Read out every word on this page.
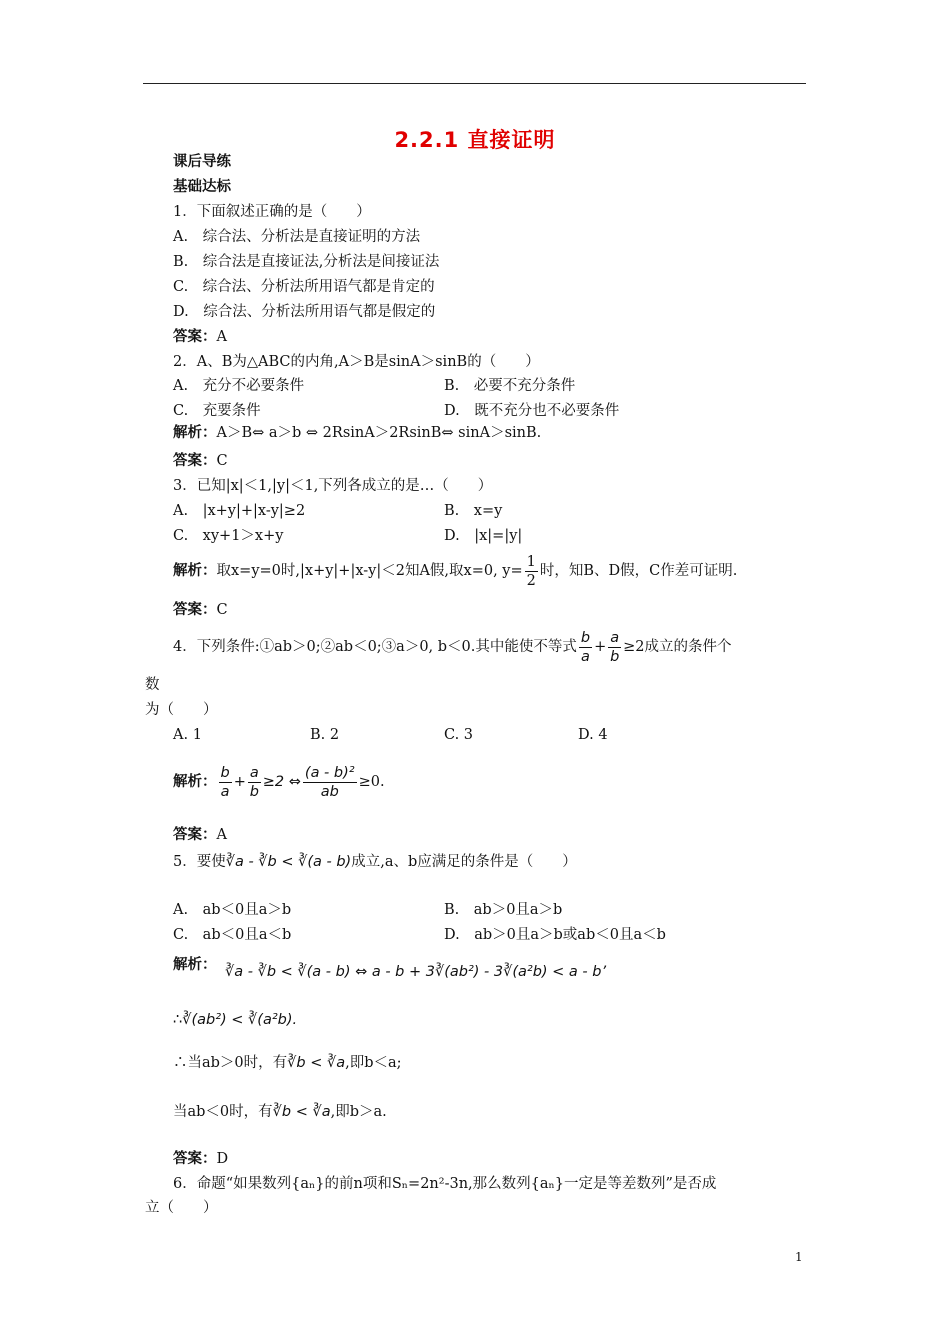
2.2.1 直接证明
课后导练
基础达标
1．下面叙述正确的是（　　）
A.　综合法、分析法是直接证明的方法
B.　综合法是直接证法,分析法是间接证法
C.　综合法、分析法所用语气都是肯定的
D.　综合法、分析法所用语气都是假定的
答案：A
2．A、B为△ABC的内角,A＞B是sinA＞sinB的（　　）
A.　充分不必要条件	B.　必要不充分条件
C.　充要条件	D.　既不充分也不必要条件
解析：A＞B⇔ a＞b ⇔ 2RsinA＞2RsinB⇔ sinA＞sinB.
答案：C
3．已知|x|＜1,|y|＜1,下列各成立的是…（　　）
A.　|x+y|+|x-y|≥2	B.　x=y
C.　xy+1＞x+y	D.　|x|=|y|
解析：取x=y=0时,|x+y|+|x-y|＜2知A假,取x=0, $y= \frac{1}{2}$ 时，知B、D假，C作差可证明.
答案：C
4．下列条件:①ab＞0;②ab＜0;③a＞0, b＜0.其中能使不等式 $\frac{b}{a} + \frac{a}{b} \ge 2$成立的条件个
数
为（　　）
A. 1	B. 2	C. 3	D. 4
解析： $\frac{b}{a} + \frac{a}{b} \ge 2$ ⇔ $\frac{\text{(a - b)²}}{ab} \ge 0$.
答案：A
5．要使∛a - ∛b < ∛(a - b)成立,a、b应满足的条件是（　　）
A.　ab＜0且a＞b	B.　ab＞0且a＞b
C.　ab＜0且a＜b	D.　ab＞0且a＞b或ab＜0且a＜b
解析： ∛a - ∛b < ∛(a - b) ⇔ a - b + 3∛(ab²) - 3∛(a²b) < a - b’
∴∛(ab²) < ∛(a²b).
∴当ab＞0时，有∛b < ∛a,即b＜a;
当ab＜0时，有∛b < ∛a,即b＞a.
答案：D
6．命题“如果数列{aₙ}的前n项和Sₙ=2n²-3n,那么数列{aₙ}一定是等差数列”是否成
立（　　）
1
